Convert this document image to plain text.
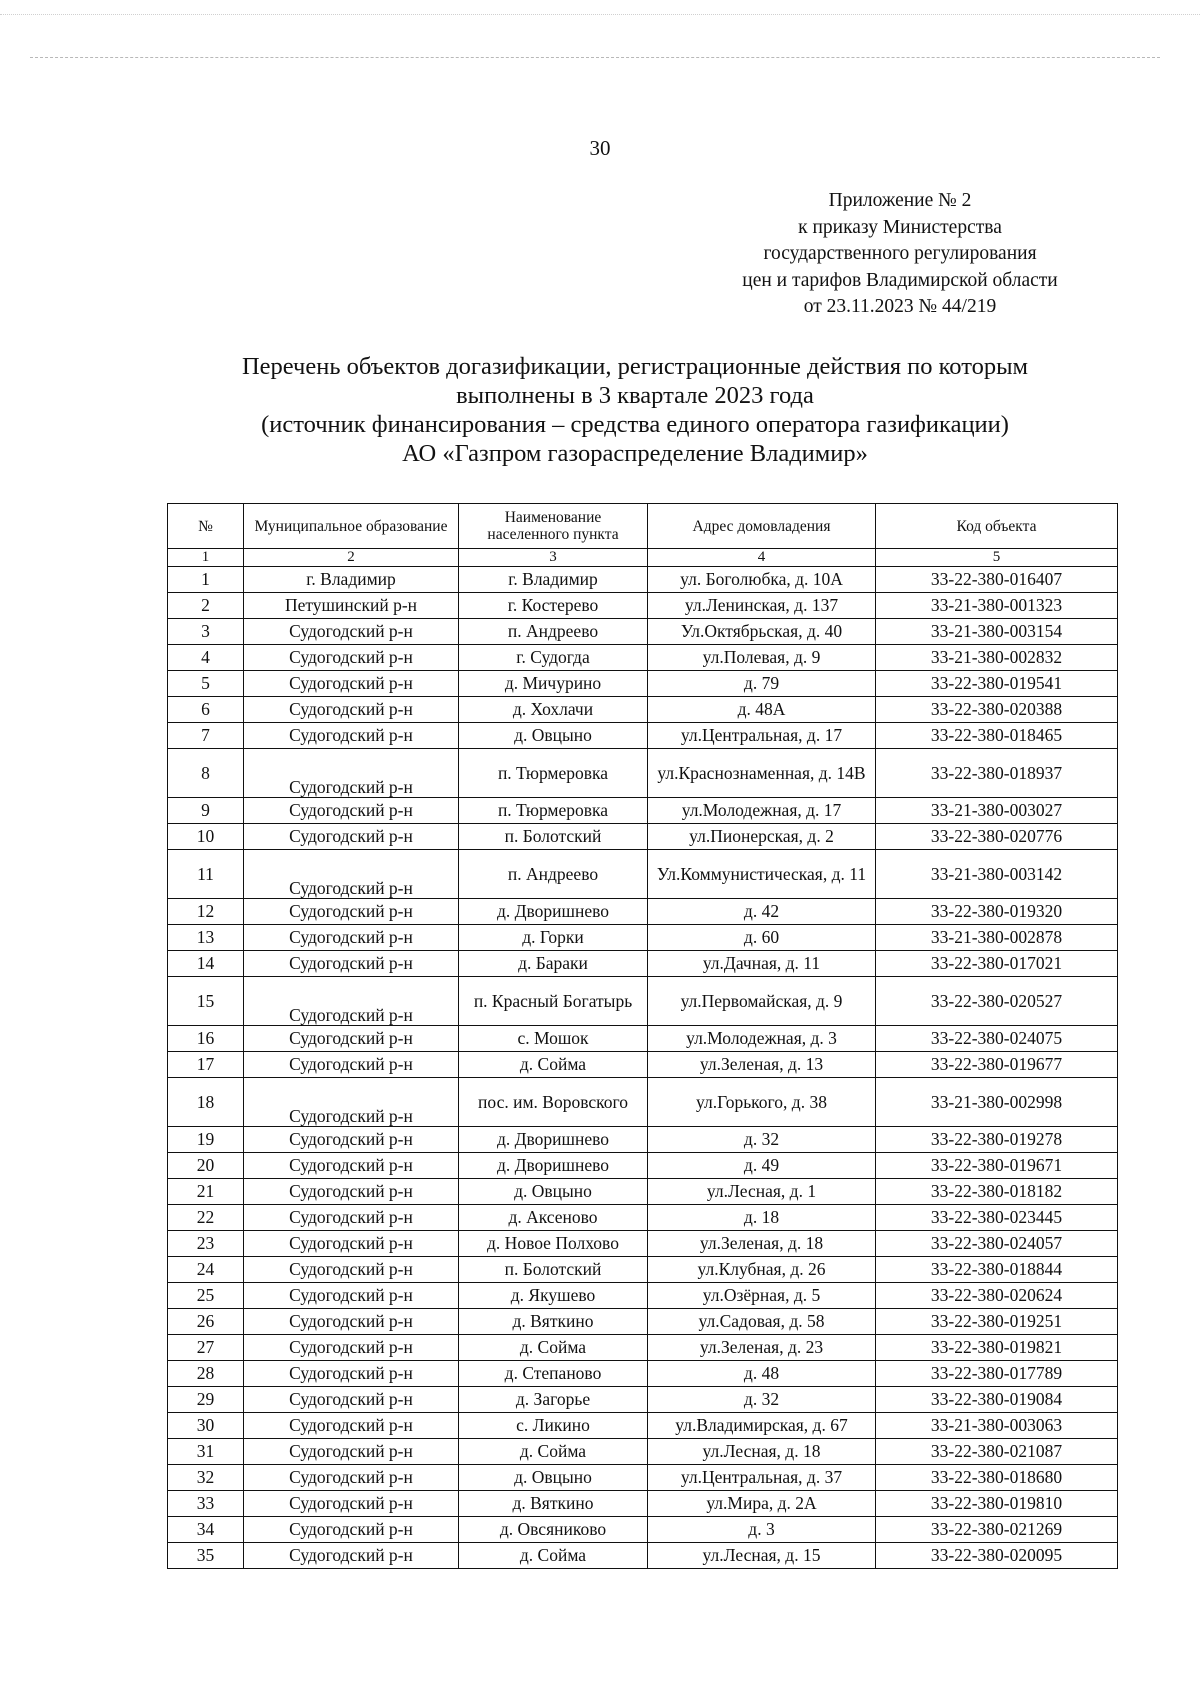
30
Приложение № 2
к приказу Министерства
государственного регулирования
цен и тарифов Владимирской области
от 23.11.2023 № 44/219
Перечень объектов догазификации, регистрационные действия по которым
выполнены в 3 квартале 2023 года
(источник финансирования – средства единого оператора газификации)
АО «Газпром газораспределение Владимир»
№	Муниципальное образование	Наименование населенного пункта	Адрес домовладения	Код объекта
1	2	3	4	5
1	г. Владимир	г. Владимир	ул. Боголюбка, д. 10А	33-22-380-016407
2	Петушинский р-н	г. Костерево	ул.Ленинская, д. 137	33-21-380-001323
3	Судогодский р-н	п. Андреево	Ул.Октябрьская, д. 40	33-21-380-003154
4	Судогодский р-н	г. Судогда	ул.Полевая, д. 9	33-21-380-002832
5	Судогодский р-н	д. Мичурино	д. 79	33-22-380-019541
6	Судогодский р-н	д. Хохлачи	д. 48А	33-22-380-020388
7	Судогодский р-н	д. Овцыно	ул.Центральная, д. 17	33-22-380-018465
8	Судогодский р-н	п. Тюрмеровка	ул.Краснознаменная, д. 14В	33-22-380-018937
9	Судогодский р-н	п. Тюрмеровка	ул.Молодежная, д. 17	33-21-380-003027
10	Судогодский р-н	п. Болотский	ул.Пионерская, д. 2	33-22-380-020776
11	Судогодский р-н	п. Андреево	Ул.Коммунистическая, д. 11	33-21-380-003142
12	Судогодский р-н	д. Дворишнево	д. 42	33-22-380-019320
13	Судогодский р-н	д. Горки	д. 60	33-21-380-002878
14	Судогодский р-н	д. Бараки	ул.Дачная, д. 11	33-22-380-017021
15	Судогодский р-н	п. Красный Богатырь	ул.Первомайская, д. 9	33-22-380-020527
16	Судогодский р-н	с. Мошок	ул.Молодежная, д. 3	33-22-380-024075
17	Судогодский р-н	д. Сойма	ул.Зеленая, д. 13	33-22-380-019677
18	Судогодский р-н	пос. им. Воровского	ул.Горького, д. 38	33-21-380-002998
19	Судогодский р-н	д. Дворишнево	д. 32	33-22-380-019278
20	Судогодский р-н	д. Дворишнево	д. 49	33-22-380-019671
21	Судогодский р-н	д. Овцыно	ул.Лесная, д. 1	33-22-380-018182
22	Судогодский р-н	д. Аксеново	д. 18	33-22-380-023445
23	Судогодский р-н	д. Новое Полхово	ул.Зеленая, д. 18	33-22-380-024057
24	Судогодский р-н	п. Болотский	ул.Клубная, д. 26	33-22-380-018844
25	Судогодский р-н	д. Якушево	ул.Озёрная, д. 5	33-22-380-020624
26	Судогодский р-н	д. Вяткино	ул.Садовая, д. 58	33-22-380-019251
27	Судогодский р-н	д. Сойма	ул.Зеленая, д. 23	33-22-380-019821
28	Судогодский р-н	д. Степаново	д. 48	33-22-380-017789
29	Судогодский р-н	д. Загорье	д. 32	33-22-380-019084
30	Судогодский р-н	с. Ликино	ул.Владимирская, д. 67	33-21-380-003063
31	Судогодский р-н	д. Сойма	ул.Лесная, д. 18	33-22-380-021087
32	Судогодский р-н	д. Овцыно	ул.Центральная, д. 37	33-22-380-018680
33	Судогодский р-н	д. Вяткино	ул.Мира, д. 2А	33-22-380-019810
34	Судогодский р-н	д. Овсяниково	д. 3	33-22-380-021269
35	Судогодский р-н	д. Сойма	ул.Лесная, д. 15	33-22-380-020095
